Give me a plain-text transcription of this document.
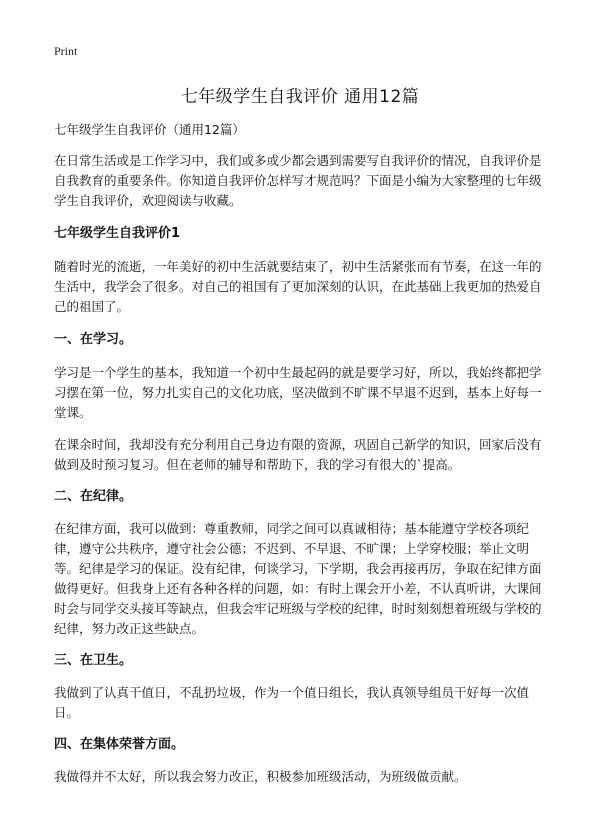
Print
七年级学生自我评价 通用12篇

七年级学生自我评价（通用12篇）

在日常生活或是工作学习中，我们或多或少都会遇到需要写自我评价的情况，自我评价是自我教育的重要条件。你知道自我评价怎样写才规范吗？下面是小编为大家整理的七年级学生自我评价，欢迎阅读与收藏。

七年级学生自我评价1

随着时光的流逝，一年美好的初中生活就要结束了，初中生活紧张而有节奏，在这一年的生活中，我学会了很多。对自己的祖国有了更加深刻的认识，在此基础上我更加的热爱自己的祖国了。

一、在学习。

学习是一个学生的基本，我知道一个初中生最起码的就是要学习好，所以，我始终都把学习摆在第一位，努力扎实自己的文化功底，坚决做到不旷课不早退不迟到，基本上好每一堂课。

在课余时间，我却没有充分利用自己身边有限的资源，巩固自己新学的知识，回家后没有做到及时预习复习。但在老师的辅导和帮助下，我的学习有很大的`提高。

二、在纪律。

在纪律方面，我可以做到：尊重教师，同学之间可以真诚相待；基本能遵守学校各项纪律，遵守公共秩序，遵守社会公德；不迟到、不早退、不旷课；上学穿校服；举止文明等。纪律是学习的保证。没有纪律，何谈学习，下学期，我会再接再厉，争取在纪律方面做得更好。但我身上还有各种各样的问题，如：有时上课会开小差，不认真听讲，大课间时会与同学交头接耳等缺点，但我会牢记班级与学校的纪律，时时刻刻想着班级与学校的纪律，努力改正这些缺点。

三、在卫生。

我做到了认真干值日，不乱扔垃圾，作为一个值日组长，我认真领导组员干好每一次值日。

四、在集体荣誉方面。

我做得并不太好，所以我会努力改正，积极参加班级活动，为班级做贡献。
